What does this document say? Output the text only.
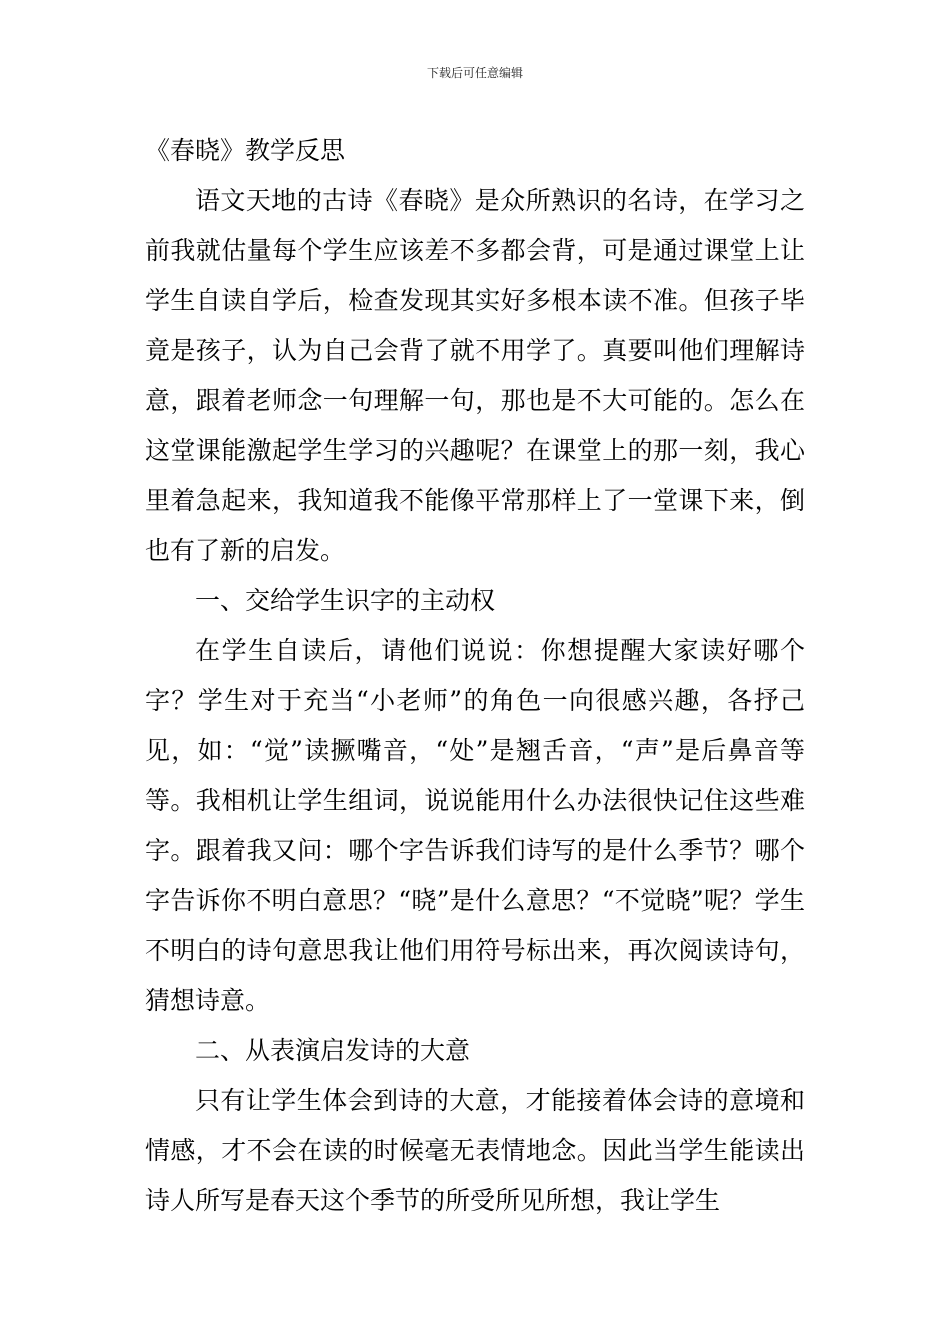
下载后可任意编辑

《春晓》教学反思

语文天地的古诗《春晓》是众所熟识的名诗，在学习之前我就估量每个学生应该差不多都会背，可是通过课堂上让学生自读自学后，检查发现其实好多根本读不准。但孩子毕竟是孩子，认为自己会背了就不用学了。真要叫他们理解诗意，跟着老师念一句理解一句，那也是不大可能的。怎么在这堂课能激起学生学习的兴趣呢？在课堂上的那一刻，我心里着急起来，我知道我不能像平常那样上了一堂课下来，倒也有了新的启发。

一、交给学生识字的主动权

在学生自读后，请他们说说：你想提醒大家读好哪个字？学生对于充当“小老师”的角色一向很感兴趣，各抒己见，如：“觉”读撅嘴音，“处”是翘舌音，“声”是后鼻音等等。我相机让学生组词，说说能用什么办法很快记住这些难字。跟着我又问：哪个字告诉我们诗写的是什么季节？哪个字告诉你不明白意思？“晓”是什么意思？“不觉晓”呢？学生不明白的诗句意思我让他们用符号标出来，再次阅读诗句，猜想诗意。

二、从表演启发诗的大意

只有让学生体会到诗的大意，才能接着体会诗的意境和情感，才不会在读的时候毫无表情地念。因此当学生能读出诗人所写是春天这个季节的所受所见所想，我让学生
